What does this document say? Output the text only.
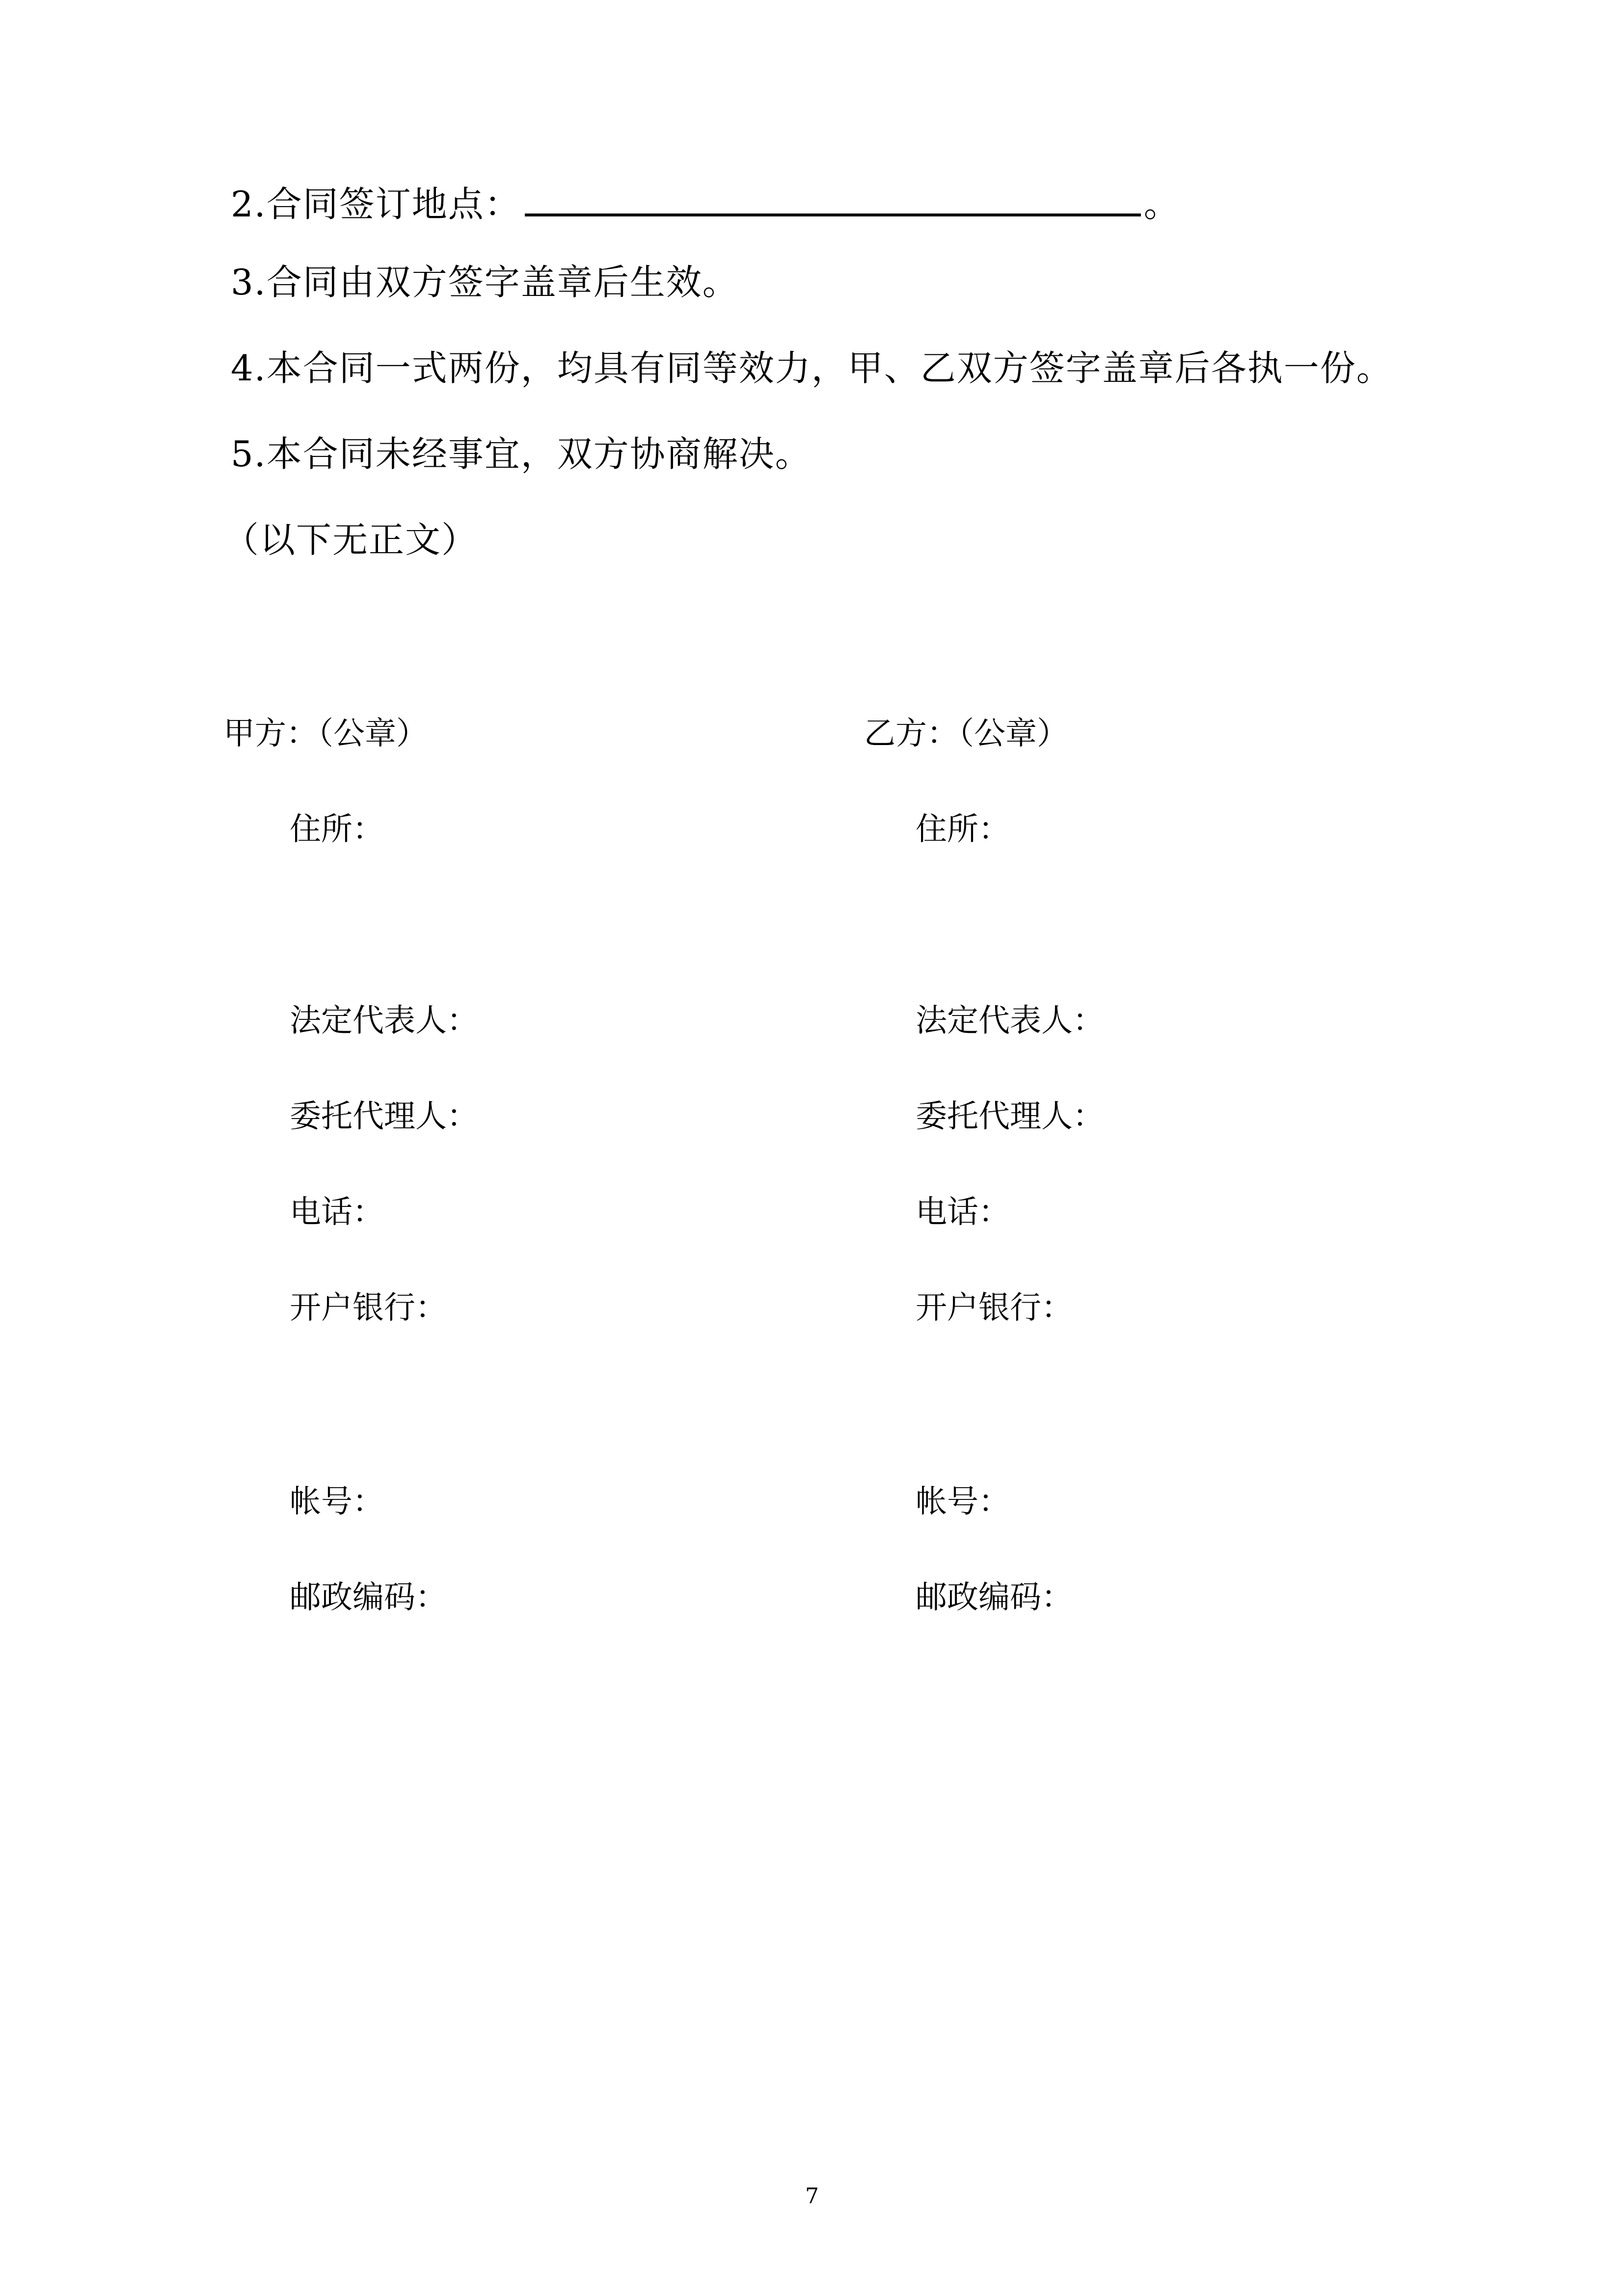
2.合同签订地点：	。
3.合同由双方签字盖章后生效。
4.本合同一式两份，均具有同等效力，甲、乙双方签字盖章后各执一份。
5.本合同未经事宜，双方协商解决。
（以下无正文）
甲方：（公章）
住所：
法定代表人：
委托代理人：
电话：
开户银行：
帐号：
邮政编码：
乙方：（公章）
住所：
法定代表人：
委托代理人：
电话：
开户银行：
帐号：
邮政编码：
7
